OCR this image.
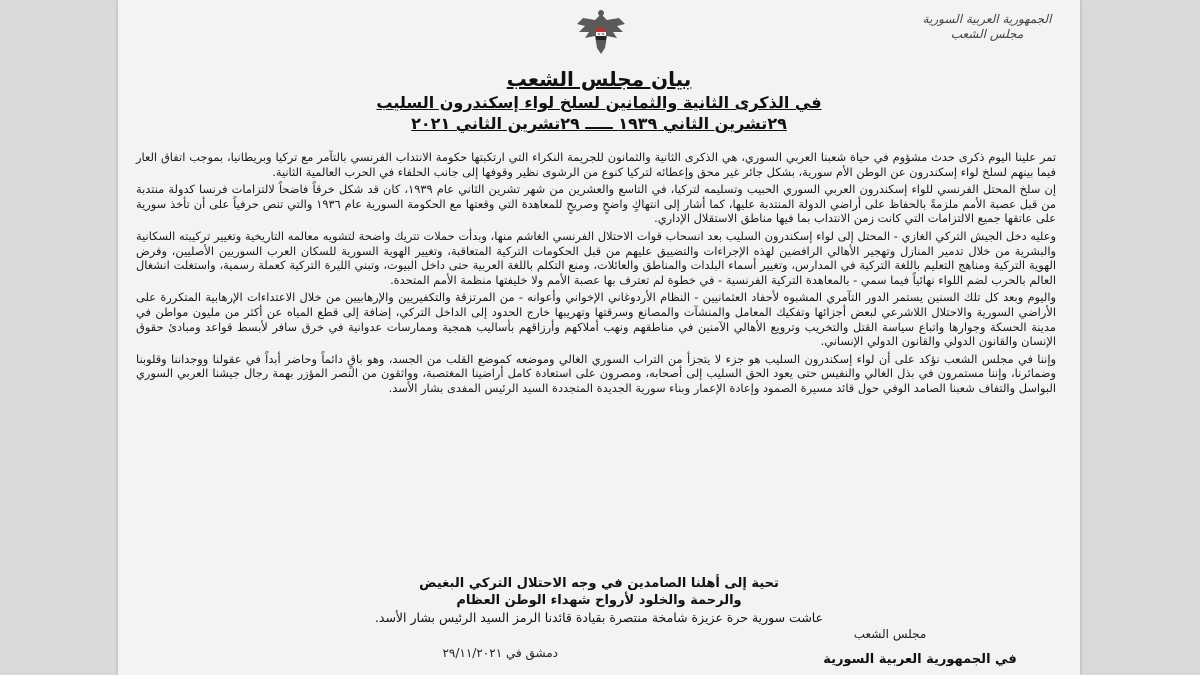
الجمهورية العربية السورية
مجلس الشعب
بيان مجلس الشعب
في الذكرى الثانية والثمانين لسلخ لواء إسكندرون السليب
٢٩تشرين الثاني ١٩٣٩ ـــــ ٢٩تشرين الثاني ٢٠٢١

تمر علينا اليوم ذكرى حدث مشؤوم في حياة شعبنا العربي السوري، هي الذكرى الثانية والثمانون للجريمة النكراء التي ارتكبتها حكومة الانتداب الفرنسي بالتآمر مع تركيا وبريطانيا، بموجب اتفاق العار فيما بينهم لسلخ لواء إسكندرون عن الوطن الأم سورية، بشكل جائر غير محق وإعطائه لتركيا كنوع من الرشوى نظير وقوفها إلى جانب الحلفاء في الحرب العالمية الثانية.

إن سلخ المحتل الفرنسي للواء إسكندرون العربي السوري الحبيب وتسليمه لتركيا، في التاسع والعشرين من شهر تشرين الثاني عام ١٩٣٩، كان قد شكل خرقاً فاضحاً لالتزامات فرنسا كدولة منتدبة من قبل عصبة الأمم ملزمةً بالحفاظ على أراضي الدولة المنتدبة عليها، كما أشار إلى انتهاكٍ واضحٍ وصريحٍ للمعاهدة التي وقعتها مع الحكومة السورية عام ١٩٣٦ والتي تنص حرفياً على أن تأخذ سورية على عاتقها جميع الالتزامات التي كانت زمن الانتداب بما فيها مناطق الاستقلال الإداري.

وعليه دخل الجيش التركي الغازي - المحتل إلى لواء إسكندرون السليب بعد انسحاب قوات الاحتلال الفرنسي الغاشم منها، وبدأت حملات تتريك واضحة لتشويه معالمه التاريخية وتغيير تركيبته السكانية والبشرية من خلال تدمير المنازل وتهجير الأهالي الرافضين لهذه الإجراءات والتضييق عليهم من قبل الحكومات التركية المتعاقبة، وتغيير الهوية السورية للسكان العرب السوريين الأصليين، وفرض الهوية التركية ومناهج التعليم باللغة التركية في المدارس، وتغيير أسماء البلدات والمناطق والعائلات، ومنع التكلم باللغة العربية حتى داخل البيوت، وتبني الليرة التركية كعملة رسمية، واستغلت انشغال العالم بالحرب لضم اللواء نهائياً فيما سمي - بالمعاهدة التركية الفرنسية - في خطوة لم تعترف بها عصبة الأمم ولا خليفتها منظمة الأمم المتحدة.

واليوم وبعد كل تلك السنين يستمر الدور التآمري المشبوه لأحفاد العثمانيين - النظام الأردوغاني الإخواني وأعوانه - من المرتزقة والتكفيريين والإرهابيين من خلال الاعتداءات الإرهابية المتكررة على الأراضي السورية والاحتلال اللاشرعي لبعض أجزائها وتفكيك المعامل والمنشآت والمصانع وسرقتها وتهريبها خارج الحدود إلى الداخل التركي، إضافة إلى قطع المياه عن أكثر من مليون مواطن في مدينة الحسكة وجوارها واتباع سياسة القتل والتخريب وترويع الأهالي الآمنين في مناطقهم ونهب أملاكهم وأرزاقهم بأساليب همجية وممارسات عدوانية في خرق سافر لأبسط قواعد ومبادئ حقوق الإنسان والقانون الدولي والقانون الدولي الإنساني.

وإننا في مجلس الشعب نؤكد على أن لواء إسكندرون السليب هو جزء لا يتجزأ من التراب السوري الغالي وموضعه كموضع القلب من الجسد، وهو باقٍ دائماً وحاضر أبداً في عقولنا ووجداننا وقلوبنا وضمائرنا، وإننا مستمرون في بذل الغالي والنفيس حتى يعود الحق السليب إلى أصحابه، ومصرون على استعادة كامل أراضينا المغتصبة، وواثقون من النصر المؤزر بهمة رجال جيشنا العربي السوري البواسل والتفاف شعبنا الصامد الوفي حول قائد مسيرة الصمود وإعادة الإعمار وبناء سورية الجديدة المتجددة السيد الرئيس المفدى بشار الأسد.

تحية إلى أهلنا الصامدين في وجه الاحتلال التركي البغيض
والرحمة والخلود لأرواح شهداء الوطن العظام
عاشت سورية حرة عزيزة شامخة منتصرة بقيادة قائدنا الرمز السيد الرئيس بشار الأسد.
مجلس الشعب
دمشق في ٢٩/١١/٢٠٢١	في الجمهورية العربية السورية
